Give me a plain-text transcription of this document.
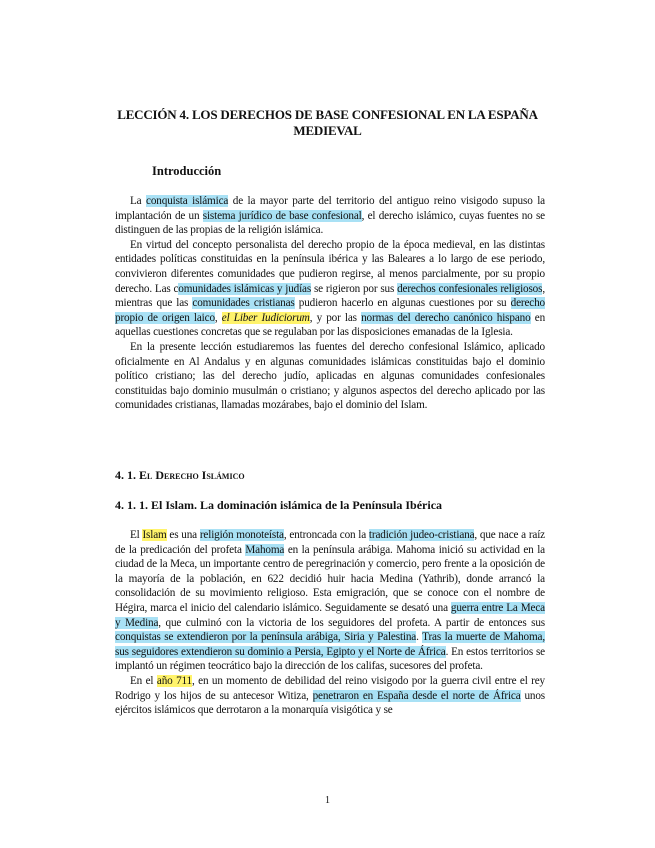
LECCIÓN 4. LOS DERECHOS DE BASE CONFESIONAL EN LA ESPAÑA MEDIEVAL
Introducción

La conquista islámica de la mayor parte del territorio del antiguo reino visigodo supuso la implantación de un sistema jurídico de base confesional, el derecho islámico, cuyas fuentes no se distinguen de las propias de la religión islámica.

En virtud del concepto personalista del derecho propio de la época medieval, en las distintas entidades políticas constituidas en la península ibérica y las Baleares a lo largo de ese periodo, convivieron diferentes comunidades que pudieron regirse, al menos parcialmente, por su propio derecho. Las comunidades islámicas y judías se rigieron por sus derechos confesionales religiosos, mientras que las comunidades cristianas pudieron hacerlo en algunas cuestiones por su derecho propio de origen laico, el Liber Iudiciorum, y por las normas del derecho canónico hispano en aquellas cuestiones concretas que se regulaban por las disposiciones emanadas de la Iglesia.

En la presente lección estudiaremos las fuentes del derecho confesional Islámico, aplicado oficialmente en Al Andalus y en algunas comunidades islámicas constituidas bajo el dominio político cristiano; las del derecho judío, aplicadas en algunas comunidades confesionales constituidas bajo dominio musulmán o cristiano; y algunos aspectos del derecho aplicado por las comunidades cristianas, llamadas mozárabes, bajo el dominio del Islam.

4. 1. El Derecho Islámico
4. 1. 1. El Islam. La dominación islámica de la Península Ibérica

El Islam es una religión monoteísta, entroncada con la tradición judeo-cristiana, que nace a raíz de la predicación del profeta Mahoma en la península arábiga. Mahoma inició su actividad en la ciudad de la Meca, un importante centro de peregrinación y comercio, pero frente a la oposición de la mayoría de la población, en 622 decidió huir hacia Medina (Yathrib), donde arrancó la consolidación de su movimiento religioso. Esta emigración, que se conoce con el nombre de Hégira, marca el inicio del calendario islámico. Seguidamente se desató una guerra entre La Meca y Medina, que culminó con la victoria de los seguidores del profeta. A partir de entonces sus conquistas se extendieron por la península arábiga, Siria y Palestina. Tras la muerte de Mahoma, sus seguidores extendieron su dominio a Persia, Egipto y el Norte de África. En estos territorios se implantó un régimen teocrático bajo la dirección de los califas, sucesores del profeta.

En el año 711, en un momento de debilidad del reino visigodo por la guerra civil entre el rey Rodrigo y los hijos de su antecesor Witiza, penetraron en España desde el norte de África unos ejércitos islámicos que derrotaron a la monarquía visigótica y se

1
